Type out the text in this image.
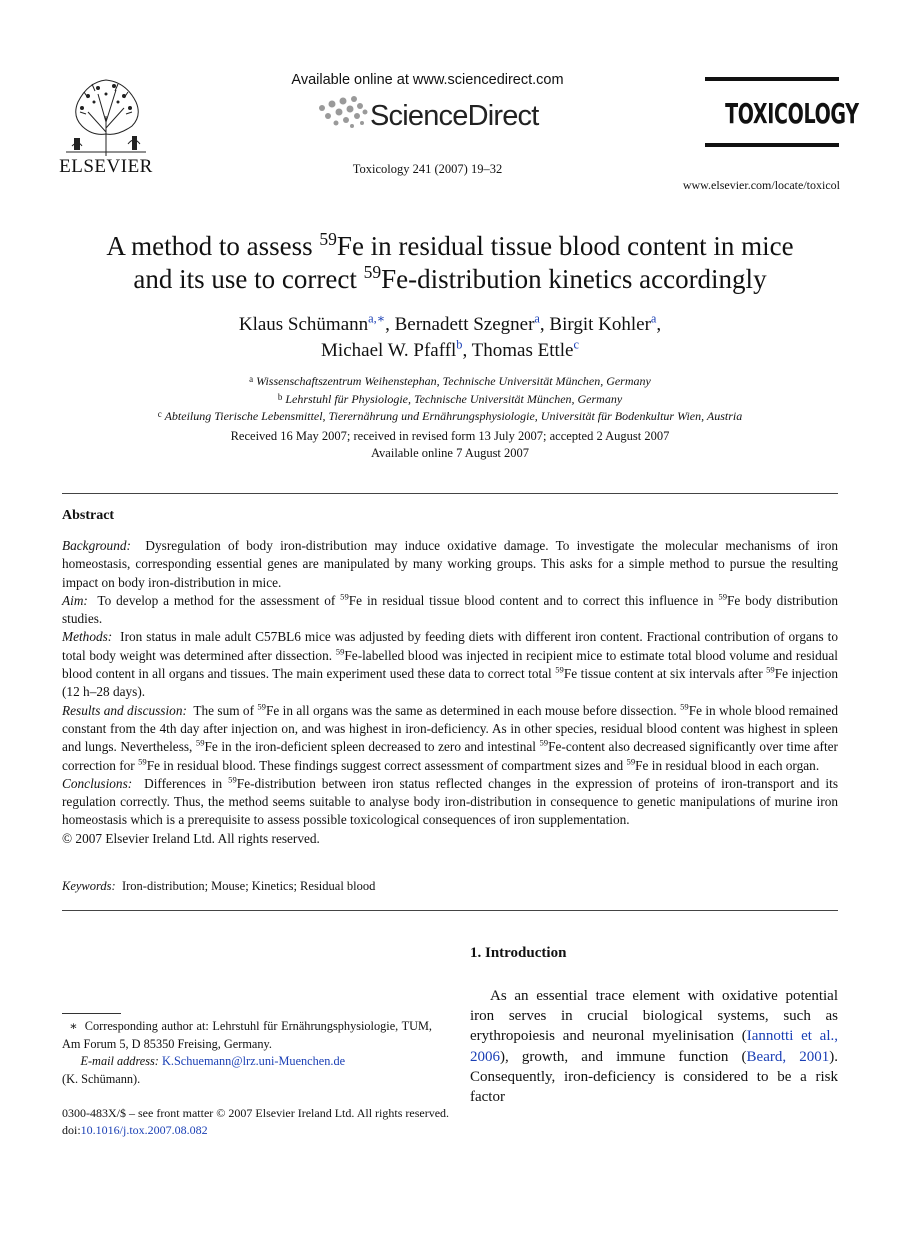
ELSEVIER
Available online at www.sciencedirect.com
ScienceDirect
Toxicology 241 (2007) 19–32
TOXICOLOGY
www.elsevier.com/locate/toxicol
A method to assess $^{59}$Fe in residual tissue blood content in mice
and its use to correct $^{59}$Fe-distribution kinetics accordingly
Klaus Schümann$^{a,∗}$, Bernadett Szegner$^a$, Birgit Kohler$^a$,
Michael W. Pfaffl$^b$, Thomas Ettle$^c$
$^a$ Wissenschaftszentrum Weihenstephan, Technische Universität München, Germany
$^b$ Lehrstuhl für Physiologie, Technische Universität München, Germany
$^c$ Abteilung Tierische Lebensmittel, Tierernährung und Ernährungsphysiologie, Universität für Bodenkultur Wien, Austria
Received 16 May 2007; received in revised form 13 July 2007; accepted 2 August 2007
Available online 7 August 2007
Abstract

Background: Dysregulation of body iron-distribution may induce oxidative damage. To investigate the molecular mechanisms of iron homeostasis, corresponding essential genes are manipulated by many working groups. This asks for a simple method to pursue the resulting impact on body iron-distribution in mice.

Aim: To develop a method for the assessment of $^{59}$Fe in residual tissue blood content and to correct this influence in $^{59}$Fe body distribution studies.

Methods: Iron status in male adult C57BL6 mice was adjusted by feeding diets with different iron content. Fractional contribution of organs to total body weight was determined after dissection. $^{59}$Fe-labelled blood was injected in recipient mice to estimate total blood volume and residual blood content in all organs and tissues. The main experiment used these data to correct total $^{59}$Fe tissue content at six intervals after $^{59}$Fe injection (12 h–28 days).

Results and discussion: The sum of $^{59}$Fe in all organs was the same as determined in each mouse before dissection. $^{59}$Fe in whole blood remained constant from the 4th day after injection on, and was highest in iron-deficiency. As in other species, residual blood content was highest in spleen and lungs. Nevertheless, $^{59}$Fe in the iron-deficient spleen decreased to zero and intestinal $^{59}$Fe-content also decreased significantly over time after correction for $^{59}$Fe in residual blood. These findings suggest correct assessment of compartment sizes and $^{59}$Fe in residual blood in each organ.

Conclusions: Differences in $^{59}$Fe-distribution between iron status reflected changes in the expression of proteins of iron-transport and its regulation correctly. Thus, the method seems suitable to analyse body iron-distribution in consequence to genetic manipulations of murine iron homeostasis which is a prerequisite to assess possible toxicological consequences of iron supplementation.

© 2007 Elsevier Ireland Ltd. All rights reserved.

Keywords: Iron-distribution; Mouse; Kinetics; Residual blood
1. Introduction

As an essential trace element with oxidative potential iron serves in crucial biological systems, such as erythropoiesis and neuronal myelinisation (Iannotti et al., 2006), growth, and immune function (Beard, 2001). Consequently, iron-deficiency is considered to be a risk factor

∗ Corresponding author at: Lehrstuhl für Ernährungsphysiologie, TUM, Am Forum 5, D 85350 Freising, Germany.

E-mail address: K.Schuemann@lrz.uni-Muenchen.de

(K. Schümann).

0300-483X/$ – see front matter © 2007 Elsevier Ireland Ltd. All rights reserved.
doi:10.1016/j.tox.2007.08.082
